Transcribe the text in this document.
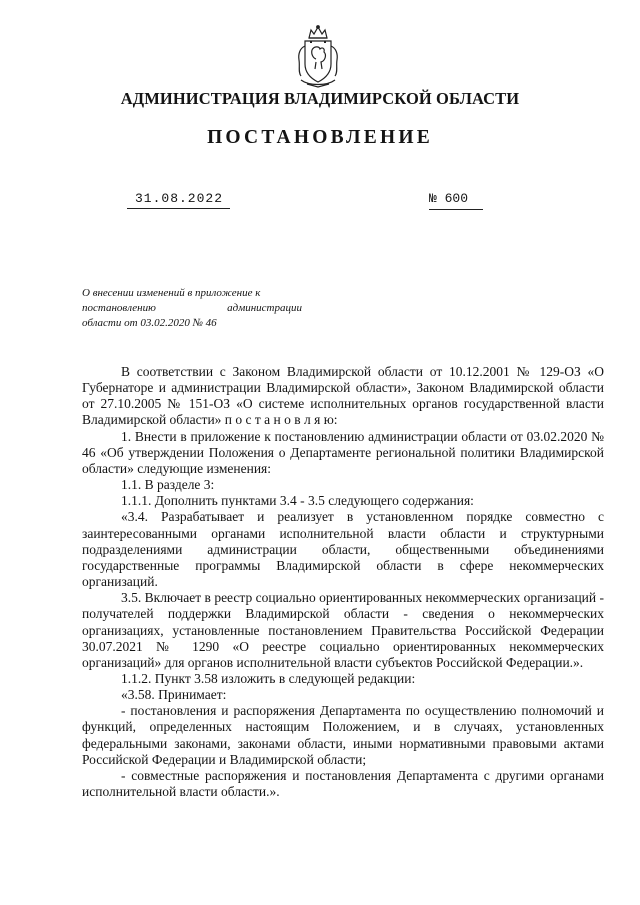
АДМИНИСТРАЦИЯ ВЛАДИМИРСКОЙ ОБЛАСТИ
ПОСТАНОВЛЕНИЕ
31.08.2022	№ 600
О внесении изменений в приложение к
постановлению	администрации
области от 03.02.2020 № 46

В соответствии с Законом Владимирской области от 10.12.2001 № 129-ОЗ «О Губернаторе и администрации Владимирской области», Законом Владимирской области от 27.10.2005 № 151-ОЗ «О системе исполнительных органов государственной власти Владимирской области» п о с т а н о в л я ю:

1. Внести в приложение к постановлению администрации области от 03.02.2020 № 46 «Об утверждении Положения о Департаменте региональной политики Владимирской области» следующие изменения:

1.1. В разделе 3:

1.1.1. Дополнить пунктами 3.4 - 3.5 следующего содержания:

«3.4. Разрабатывает и реализует в установленном порядке совместно с заинтересованными органами исполнительной власти области и структурными подразделениями администрации области, общественными объединениями государственные программы Владимирской области в сфере некоммерческих организаций.

3.5. Включает в реестр социально ориентированных некоммерческих организаций - получателей поддержки Владимирской области - сведения о некоммерческих организациях, установленные постановлением Правительства Российской Федерации 30.07.2021 № 1290 «О реестре социально ориентированных некоммерческих организаций» для органов исполнительной власти субъектов Российской Федерации.».

1.1.2. Пункт 3.58 изложить в следующей редакции:

«3.58. Принимает:

- постановления и распоряжения Департамента по осуществлению полномочий и функций, определенных настоящим Положением, и в случаях, установленных федеральными законами, законами области, иными нормативными правовыми актами Российской Федерации и Владимирской области;

- совместные распоряжения и постановления Департамента с другими органами исполнительной власти области.».
